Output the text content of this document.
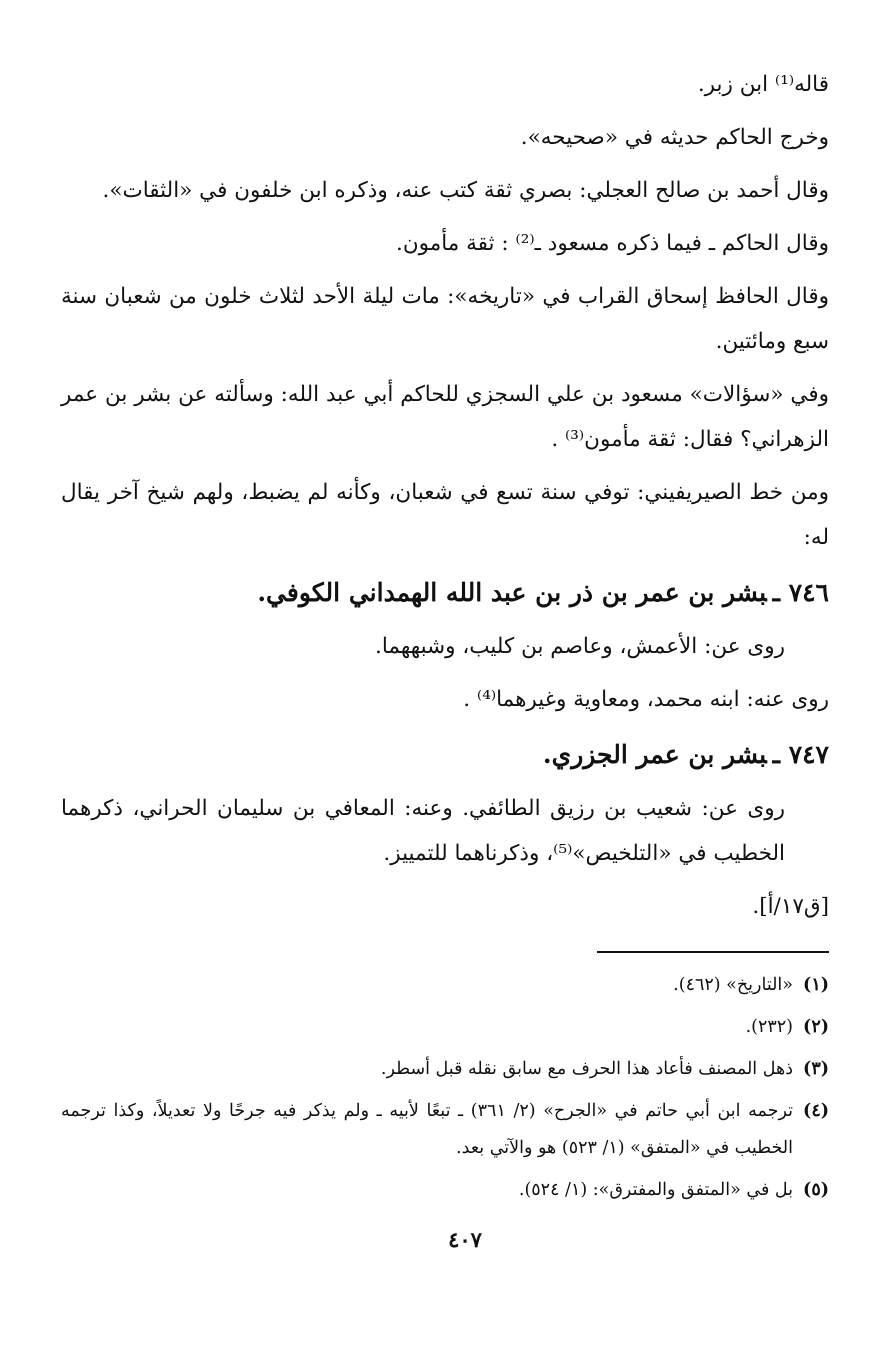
قاله⁽¹⁾ ابن زبر.

وخرج الحاكم حديثه في «صحيحه».

وقال أحمد بن صالح العجلي: بصري ثقة كتب عنه، وذكره ابن خلفون في «الثقات».

وقال الحاكم ـ فيما ذكره مسعود ـ⁽²⁾ : ثقة مأمون.

وقال الحافظ إسحاق القراب في «تاريخه»: مات ليلة الأحد لثلاث خلون من شعبان سنة سبع ومائتين.

وفي «سؤالات» مسعود بن علي السجزي للحاكم أبي عبد الله: وسألته عن بشر بن عمر الزهراني؟ فقال: ثقة مأمون⁽³⁾ .

ومن خط الصيريفيني: توفي سنة تسع في شعبان، وكأنه لم يضبط، ولهم شيخ آخر يقال له:

٧٤٦ ـبشر بن عمر بن ذر بن عبد الله الهمداني الكوفي.

روى عن: الأعمش، وعاصم بن كليب، وشبههما.

روى عنه: ابنه محمد، ومعاوية وغيرهما⁽⁴⁾ .

٧٤٧ ـبشر بن عمر الجزري.

روى عن: شعيب بن رزيق الطائفي. وعنه: المعافي بن سليمان الحراني، ذكرهما الخطيب في «التلخيص»⁽⁵⁾، وذكرناهما للتمييز.

[ق١٧/أ].

(١)
«التاريخ» (٤٦٢).
(٢)
(٢٣٢).
(٣)
ذهل المصنف فأعاد هذا الحرف مع سابق نقله قبل أسطر.
(٤)
ترجمه ابن أبي حاتم في «الجرح» (٢/ ٣٦١) ـ تبعًا لأبيه ـ ولم يذكر فيه جرحًا ولا تعديلاً، وكذا ترجمه الخطيب في «المتفق» (١/ ٥٢٣) هو والآتي بعد.
(٥)
بل في «المتفق والمفترق»: (١/ ٥٢٤).
٤٠٧
